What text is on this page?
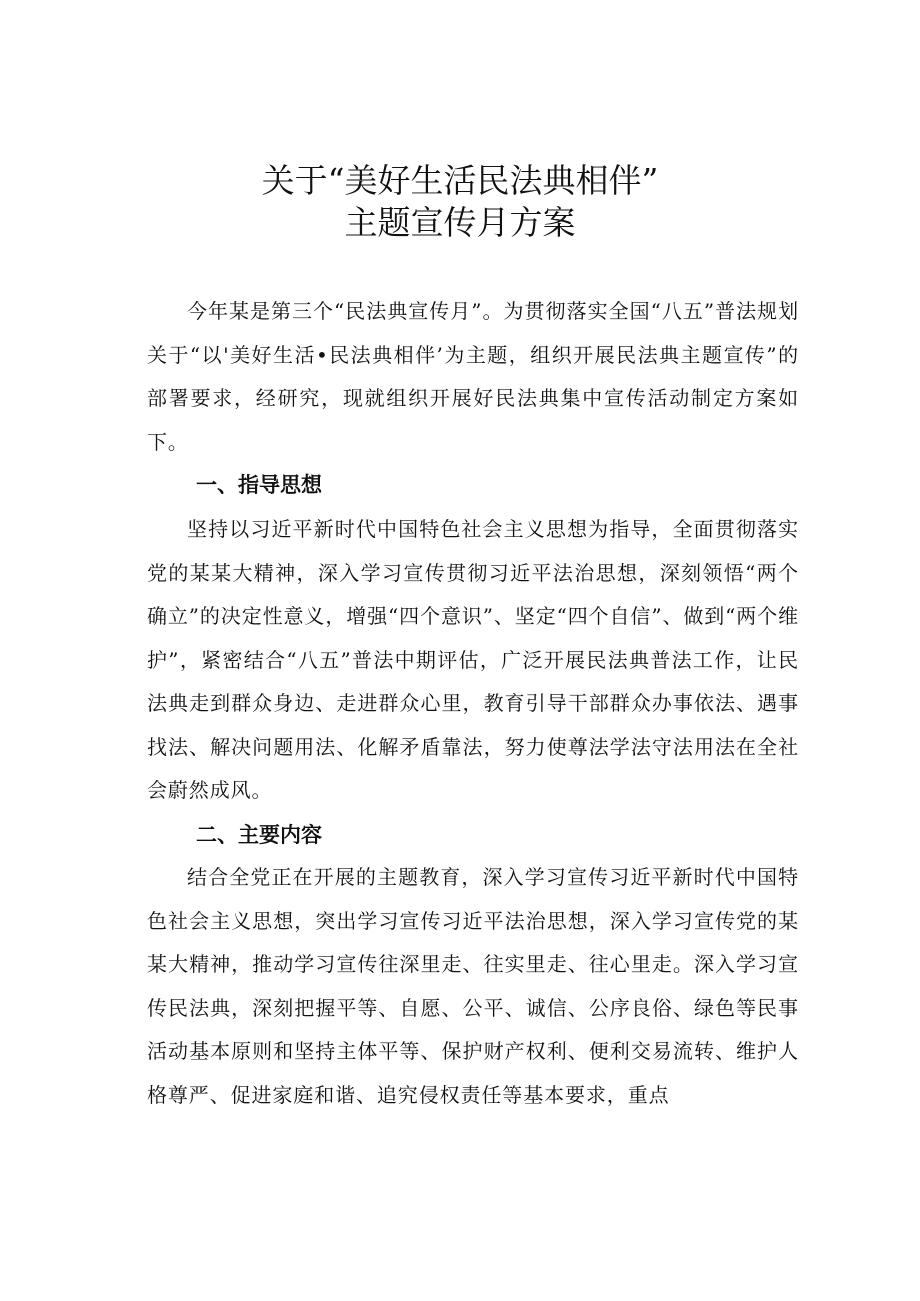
关于“美好生活民法典相伴”
主题宣传月方案

今年某是第三个“民法典宣传月”。为贯彻落实全国“八五”普法规划关于“以'美好生活•民法典相伴’为主题，组织开展民法典主题宣传”的部署要求，经研究，现就组织开展好民法典集中宣传活动制定方案如下。

一、指导思想

坚持以习近平新时代中国特色社会主义思想为指导，全面贯彻落实党的某某大精神，深入学习宣传贯彻习近平法治思想，深刻领悟“两个确立”的决定性意义，增强“四个意识”、坚定“四个自信”、做到“两个维护”，紧密结合“八五”普法中期评估，广泛开展民法典普法工作，让民法典走到群众身边、走进群众心里，教育引导干部群众办事依法、遇事找法、解决问题用法、化解矛盾靠法，努力使尊法学法守法用法在全社会蔚然成风。

二、主要内容

结合全党正在开展的主题教育，深入学习宣传习近平新时代中国特色社会主义思想，突出学习宣传习近平法治思想，深入学习宣传党的某某大精神，推动学习宣传往深里走、往实里走、往心里走。深入学习宣传民法典，深刻把握平等、自愿、公平、诚信、公序良俗、绿色等民事活动基本原则和坚持主体平等、保护财产权利、便利交易流转、维护人格尊严、促进家庭和谐、追究侵权责任等基本要求，重点
